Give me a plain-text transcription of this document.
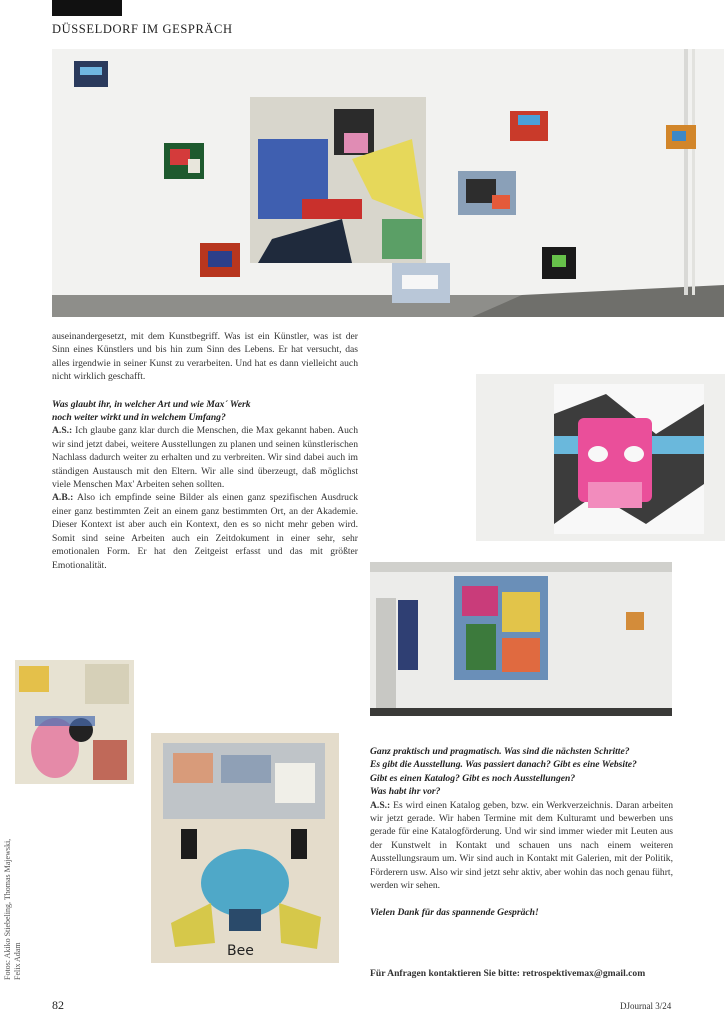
DÜSSELDORF IM GESPRÄCH

auseinandergesetzt, mit dem Kunstbegriff. Was ist ein Künstler, was ist der Sinn eines Künstlers und bis hin zum Sinn des Lebens. Er hat versucht, das alles irgendwie in seiner Kunst zu verarbeiten. Und hat es dann vielleicht auch nicht wirklich geschafft.

Was glaubt ihr, in welcher Art und wie Max´ Werk

noch weiter wirkt und in welchem Umfang?

A.S.: Ich glaube ganz klar durch die Menschen, die Max gekannt haben. Auch wir sind jetzt dabei, weitere Ausstellungen zu planen und seinen künstlerischen Nachlass dadurch weiter zu erhalten und zu verbreiten. Wir sind dabei auch im ständigen Austausch mit den Eltern. Wir alle sind überzeugt, daß möglichst viele Menschen Max' Arbeiten sehen sollten.

A.B.: Also ich empfinde seine Bilder als einen ganz spezifischen Ausdruck einer ganz bestimmten Zeit an einem ganz bestimmten Ort, an der Akademie. Dieser Kontext ist aber auch ein Kontext, den es so nicht mehr geben wird. Somit sind seine Arbeiten auch ein Zeitdokument in einer sehr, sehr emotionalen Form. Er hat den Zeitgeist erfasst und das mit größter Emotionalität.

Bee

Ganz praktisch und pragmatisch. Was sind die nächsten Schritte?

Es gibt die Ausstellung. Was passiert danach? Gibt es eine Website?

Gibt es einen Katalog? Gibt es noch Ausstellungen?

Was habt ihr vor?

A.S.: Es wird einen Katalog geben, bzw. ein Werkverzeichnis. Daran arbeiten wir jetzt gerade. Wir haben Termine mit dem Kulturamt und bewerben uns gerade für eine Katalogförderung. Und wir sind immer wieder mit Leuten aus der Kunstwelt in Kontakt und schauen uns nach einem weiteren Ausstellungsraum um. Wir sind auch in Kontakt mit Galerien, mit der Politik, Förderern usw. Also wir sind jetzt sehr aktiv, aber wohin das noch genau führt, werden wir sehen.

Vielen Dank für das spannende Gespräch!

Für Anfragen kontaktieren Sie bitte: retrospektivemax@gmail.com
Fotos: Akiko Stiebeling, Thomas Majewski, Felix Adam
82	DJournal 3/24
